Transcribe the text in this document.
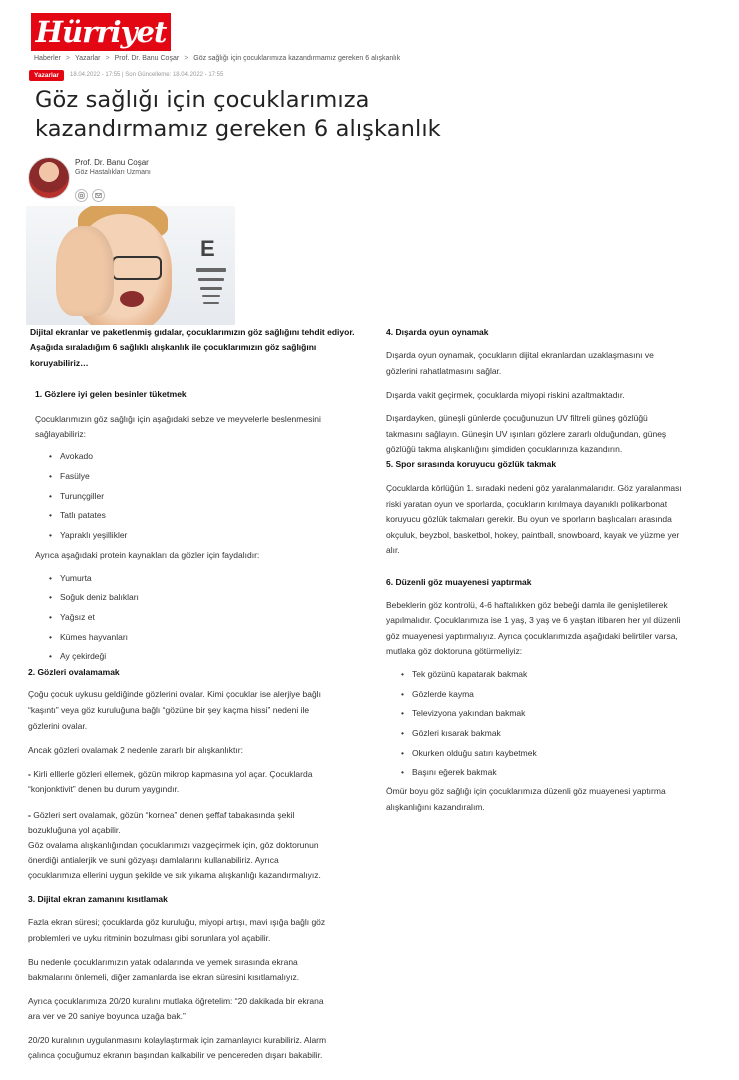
Hürriyet
Haberler > Yazarlar > Prof. Dr. Banu Coşar > Göz sağlığı için çocuklarımıza kazandırmamız gereken 6 alışkanlık
Yazarlar	18.04.2022 - 17:55 | Son Güncelleme: 18.04.2022 - 17:55
Göz sağlığı için çocuklarımıza kazandırmamız gereken 6 alışkanlık
Prof. Dr. Banu Coşar
Göz Hastalıkları Uzmanı
E
Dijital ekranlar ve paketlenmiş gıdalar, çocuklarımızın göz sağlığını tehdit ediyor.
Aşağıda sıraladığım 6 sağlıklı alışkanlık ile çocuklarımızın göz sağlığını
koruyabiliriz…
1. Gözlere iyi gelen besinler tüketmek
Çocuklarımızın göz sağlığı için aşağıdaki sebze ve meyvelerle beslenmesini
sağlayabiliriz:
• Avokado
• Fasülye
• Turunçgiller
• Tatlı patates
• Yapraklı yeşillikler
Ayrıca aşağıdaki protein kaynakları da gözler için faydalıdır:
• Yumurta
• Soğuk deniz balıkları
• Yağsız et
• Kümes hayvanları
• Ay çekirdeği
2. Gözleri ovalamamak
Çoğu çocuk uykusu geldiğinde gözlerini ovalar. Kimi çocuklar ise alerjiye bağlı
“kaşıntı” veya göz kuruluğuna bağlı “gözüne bir şey kaçma hissi” nedeni ile
gözlerini ovalar.
Ancak gözleri ovalamak 2 nedenle zararlı bir alışkanlıktır:
- Kirli elllerle gözleri ellemek, gözün mikrop kapmasına yol açar. Çocuklarda
“konjonktivit” denen bu durum yaygındır.
- Gözleri sert ovalamak, gözün “kornea” denen şeffaf tabakasında şekil
bozukluğuna yol açabilir.
Göz ovalama alışkanlığından çocuklarımızı vazgeçirmek için, göz doktorunun
önerdiği antialerjik ve suni gözyaşı damlalarını kullanabiliriz. Ayrıca
çocuklarımıza ellerini uygun şekilde ve sık yıkama alışkanlığı kazandırmalıyız.
3. Dijital ekran zamanını kısıtlamak
Fazla ekran süresi; çocuklarda göz kuruluğu, miyopi artışı, mavi ışığa bağlı göz
problemleri ve uyku ritminin bozulması gibi sorunlara yol açabilir.
Bu nedenle çocuklarımızın yatak odalarında ve yemek sırasında ekrana
bakmalarını önlemeli, diğer zamanlarda ise ekran süresini kısıtlamalıyız.
Ayrıca çocuklarımıza 20/20 kuralını mutlaka öğretelim: “20 dakikada bir ekrana
ara ver ve 20 saniye boyunca uzağa bak.”
20/20 kuralının uygulanmasını kolaylaştırmak için zamanlayıcı kurabiliriz. Alarm
çalınca çocuğumuz ekranın başından kalkabilir ve pencereden dışarı bakabilir.
4. Dışarda oyun oynamak
Dışarda oyun oynamak, çocukların dijital ekranlardan uzaklaşmasını ve
gözlerini rahatlatmasını sağlar.
Dışarda vakit geçirmek, çocuklarda miyopi riskini azaltmaktadır.
Dışardayken, güneşli günlerde çocuğunuzun UV filtreli güneş gözlüğü
takmasını sağlayın. Güneşin UV ışınları gözlere zararlı olduğundan, güneş
gözlüğü takma alışkanlığını şimdiden çocuklarınıza kazandırın.
5. Spor sırasında koruyucu gözlük takmak
Çocuklarda körlüğün 1. sıradaki nedeni göz yaralanmalarıdır. Göz yaralanması
riski yaratan oyun ve sporlarda, çocukların kırılmaya dayanıklı polikarbonat
koruyucu gözlük takmaları gerekir. Bu oyun ve sporların başlıcaları arasında
okçuluk, beyzbol, basketbol, hokey, paintball, snowboard, kayak ve yüzme yer
alır.
6. Düzenli göz muayenesi yaptırmak
Bebeklerin göz kontrolü, 4-6 haftalıkken göz bebeği damla ile genişletilerek
yapılmalıdır. Çocuklarımıza ise 1 yaş, 3 yaş ve 6 yaştan itibaren her yıl düzenli
göz muayenesi yaptırmalıyız. Ayrıca çocuklarımızda aşağıdaki belirtiler varsa,
mutlaka göz doktoruna götürmeliyiz:
• Tek gözünü kapatarak bakmak
• Gözlerde kayma
• Televizyona yakından bakmak
• Gözleri kısarak bakmak
• Okurken olduğu satırı kaybetmek
• Başını eğerek bakmak
Ömür boyu göz sağlığı için çocuklarımıza düzenli göz muayenesi yaptırma
alışkanlığını kazandıralım.
